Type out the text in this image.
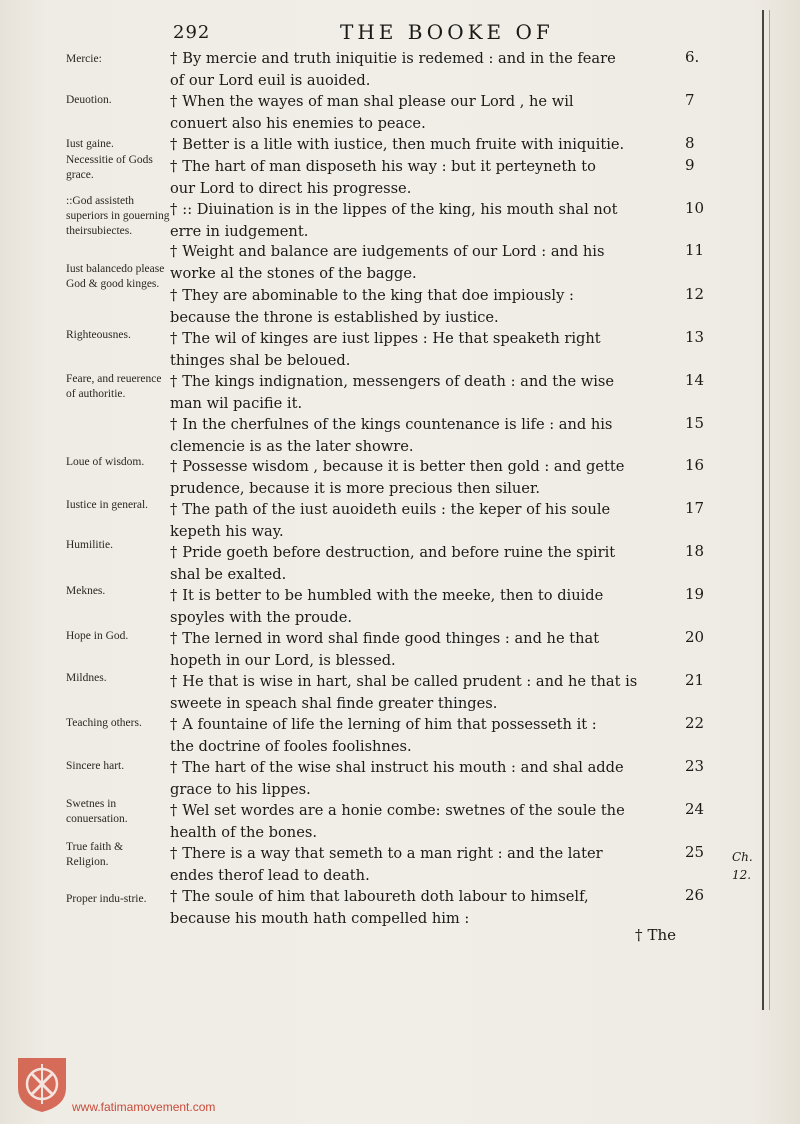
292	THE BOOKE OF
Mercie:
Deuotion.
Iust gaine.
Necessitie of Gods grace.
::God assisteth superiors in gouerning theirsubiectes.
Iust balancedo please God & good kinges.
Righteousnes.
Feare, and reuerence of authoritie.
Loue of wisdom.
Iustice in general.
Humilitie.
Meknes.
Hope in God.
Mildnes.
Teaching others.
Sincere hart.
Swetnes in conuersation.
True faith & Religion.
Proper indu-strie.
† By mercie and truth iniquitie is redemed : and in the feare
of our Lord euil is auoided.
6.
† When the wayes of man shal please our Lord , he wil
conuert also his enemies to peace.
7
† Better is a litle with iustice, then much fruite with iniquitie.	8
† The hart of man disposeth his way : but it perteyneth to
our Lord to direct his progresse.
9
† :: Diuination is in the lippes of the king, his mouth shal not
erre in iudgement.
10
† Weight and balance are iudgements of our Lord : and his
worke al the stones of the bagge.
11
† They are abominable to the king that doe impiously :
because the throne is established by iustice.
12
† The wil of kinges are iust lippes : He that speaketh right
thinges shal be beloued.
13
† The kings indignation, messengers of death : and the wise
man wil pacifie it.
14
† In the cherfulnes of the kings countenance is life : and his
clemencie is as the later showre.
15
† Possesse wisdom , because it is better then gold : and gette
prudence, because it is more precious then siluer.
16
† The path of the iust auoideth euils : the keper of his soule
kepeth his way.
17
† Pride goeth before destruction, and before ruine the spirit
shal be exalted.
18
† It is better to be humbled with the meeke, then to diuide
spoyles with the proude.
19
† The lerned in word shal finde good thinges : and he that
hopeth in our Lord, is blessed.
20
† He that is wise in hart, shal be called prudent : and he that is
sweete in speach shal finde greater thinges.
21
† A fountaine of life the lerning of him that possesseth it :
the doctrine of fooles foolishnes.
22
† The hart of the wise shal instruct his mouth : and shal adde
grace to his lippes.
23
† Wel set wordes are a honie combe: swetnes of the soule the
health of the bones.
24
† There is a way that semeth to a man right : and the later
endes therof lead to death.
25
† The soule of him that laboureth doth labour to himself,
because his mouth hath compelled him :
26
† The
Ch.
12.
www.fatimamovement.com
